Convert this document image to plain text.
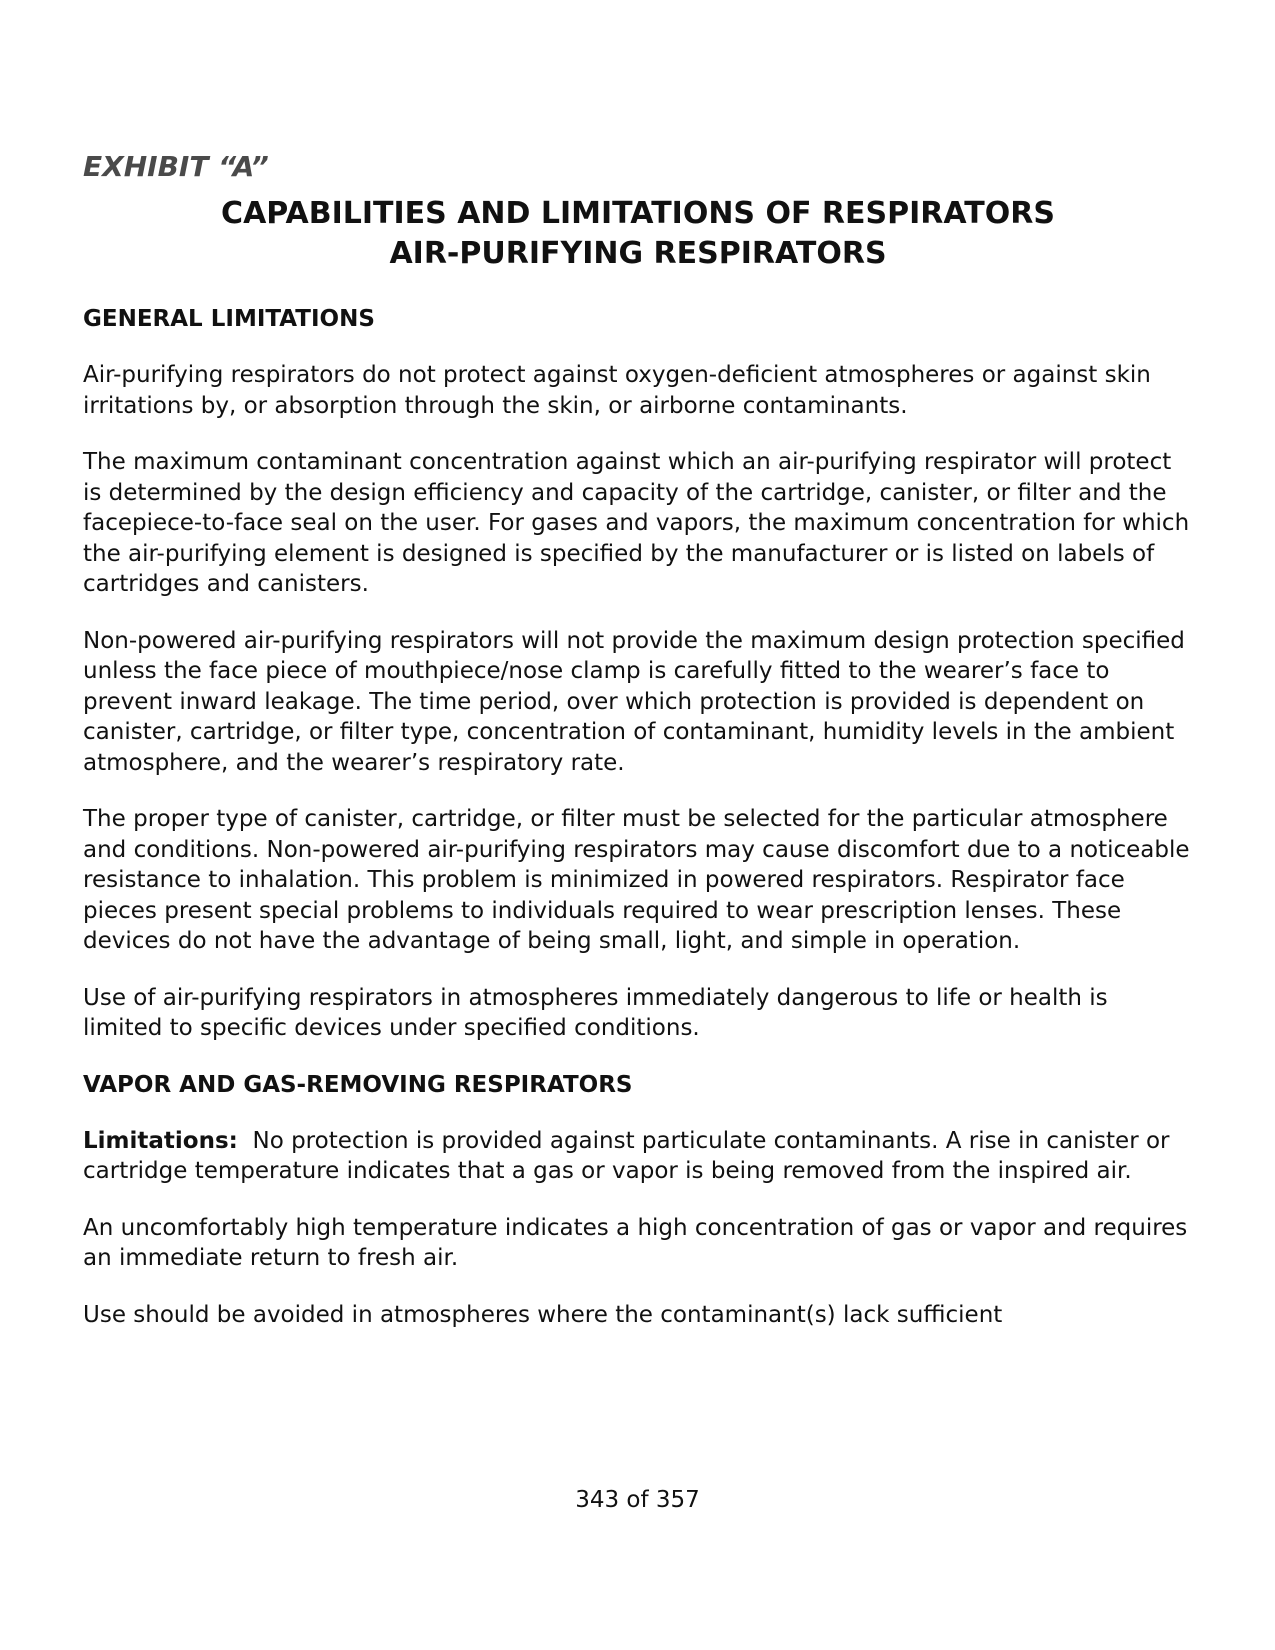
EXHIBIT “A”
CAPABILITIES AND LIMITATIONS OF RESPIRATORS
AIR-PURIFYING RESPIRATORS
GENERAL LIMITATIONS

Air-purifying respirators do not protect against oxygen-deficient atmospheres or against skin irritations by, or absorption through the skin, or airborne contaminants.

The maximum contaminant concentration against which an air-purifying respirator will protect is determined by the design efficiency and capacity of the cartridge, canister, or filter and the facepiece-to-face seal on the user. For gases and vapors, the maximum concentration for which the air-purifying element is designed is specified by the manufacturer or is listed on labels of cartridges and canisters.

Non-powered air-purifying respirators will not provide the maximum design protection specified unless the face piece of mouthpiece/nose clamp is carefully fitted to the wearer’s face to prevent inward leakage. The time period, over which protection is provided is dependent on canister, cartridge, or filter type, concentration of contaminant, humidity levels in the ambient atmosphere, and the wearer’s respiratory rate.

The proper type of canister, cartridge, or filter must be selected for the particular atmosphere and conditions. Non-powered air-purifying respirators may cause discomfort due to a noticeable resistance to inhalation. This problem is minimized in powered respirators. Respirator face pieces present special problems to individuals required to wear prescription lenses. These devices do not have the advantage of being small, light, and simple in operation.

Use of air-purifying respirators in atmospheres immediately dangerous to life or health is limited to specific devices under specified conditions.

VAPOR AND GAS-REMOVING RESPIRATORS

Limitations: No protection is provided against particulate contaminants. A rise in canister or cartridge temperature indicates that a gas or vapor is being removed from the inspired air.

An uncomfortably high temperature indicates a high concentration of gas or vapor and requires an immediate return to fresh air.

Use should be avoided in atmospheres where the contaminant(s) lack sufficient

343 of 357
